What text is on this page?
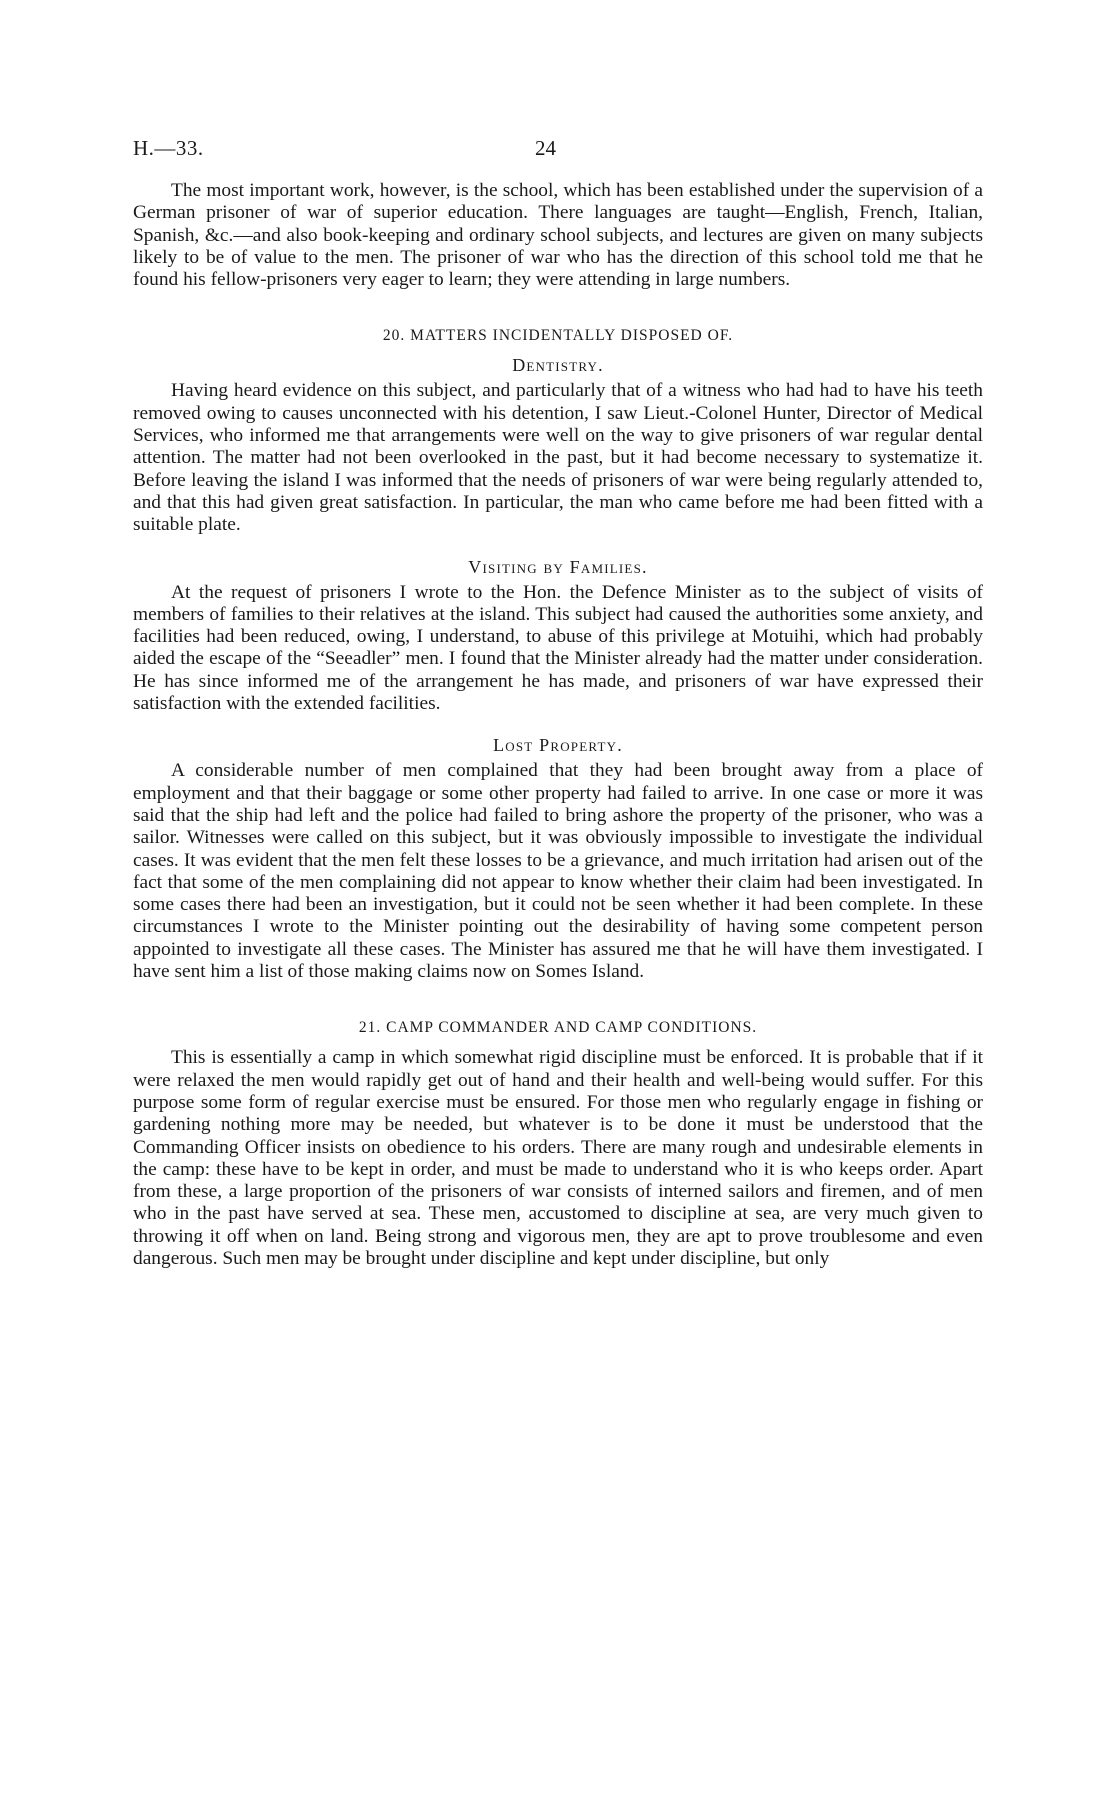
H.—33.	24

The most important work, however, is the school, which has been established under the supervision of a German prisoner of war of superior education. There languages are taught—English, French, Italian, Spanish, &c.—and also book-keeping and ordinary school subjects, and lectures are given on many subjects likely to be of value to the men. The prisoner of war who has the direction of this school told me that he found his fellow-prisoners very eager to learn; they were attending in large numbers.

20. MATTERS INCIDENTALLY DISPOSED OF.
Dentistry.

Having heard evidence on this subject, and particularly that of a witness who had had to have his teeth removed owing to causes unconnected with his detention, I saw Lieut.-Colonel Hunter, Director of Medical Services, who informed me that arrangements were well on the way to give prisoners of war regular dental attention. The matter had not been overlooked in the past, but it had become necessary to systematize it. Before leaving the island I was informed that the needs of prisoners of war were being regularly attended to, and that this had given great satisfaction. In particular, the man who came before me had been fitted with a suitable plate.

Visiting by Families.

At the request of prisoners I wrote to the Hon. the Defence Minister as to the subject of visits of members of families to their relatives at the island. This subject had caused the authorities some anxiety, and facilities had been reduced, owing, I understand, to abuse of this privilege at Motuihi, which had probably aided the escape of the “Seeadler” men. I found that the Minister already had the matter under consideration. He has since informed me of the arrangement he has made, and prisoners of war have expressed their satisfaction with the extended facilities.

Lost Property.

A considerable number of men complained that they had been brought away from a place of employment and that their baggage or some other property had failed to arrive. In one case or more it was said that the ship had left and the police had failed to bring ashore the property of the prisoner, who was a sailor. Witnesses were called on this subject, but it was obviously impossible to investigate the individual cases. It was evident that the men felt these losses to be a grievance, and much irritation had arisen out of the fact that some of the men complaining did not appear to know whether their claim had been investigated. In some cases there had been an investigation, but it could not be seen whether it had been complete. In these circumstances I wrote to the Minister pointing out the desirability of having some competent person appointed to investigate all these cases. The Minister has assured me that he will have them investigated. I have sent him a list of those making claims now on Somes Island.

21. CAMP COMMANDER AND CAMP CONDITIONS.

This is essentially a camp in which somewhat rigid discipline must be enforced. It is probable that if it were relaxed the men would rapidly get out of hand and their health and well-being would suffer. For this purpose some form of regular exercise must be ensured. For those men who regularly engage in fishing or gardening nothing more may be needed, but whatever is to be done it must be understood that the Commanding Officer insists on obedience to his orders. There are many rough and undesirable elements in the camp: these have to be kept in order, and must be made to understand who it is who keeps order. Apart from these, a large proportion of the prisoners of war consists of interned sailors and firemen, and of men who in the past have served at sea. These men, accustomed to discipline at sea, are very much given to throwing it off when on land. Being strong and vigorous men, they are apt to prove troublesome and even dangerous. Such men may be brought under discipline and kept under discipline, but only
